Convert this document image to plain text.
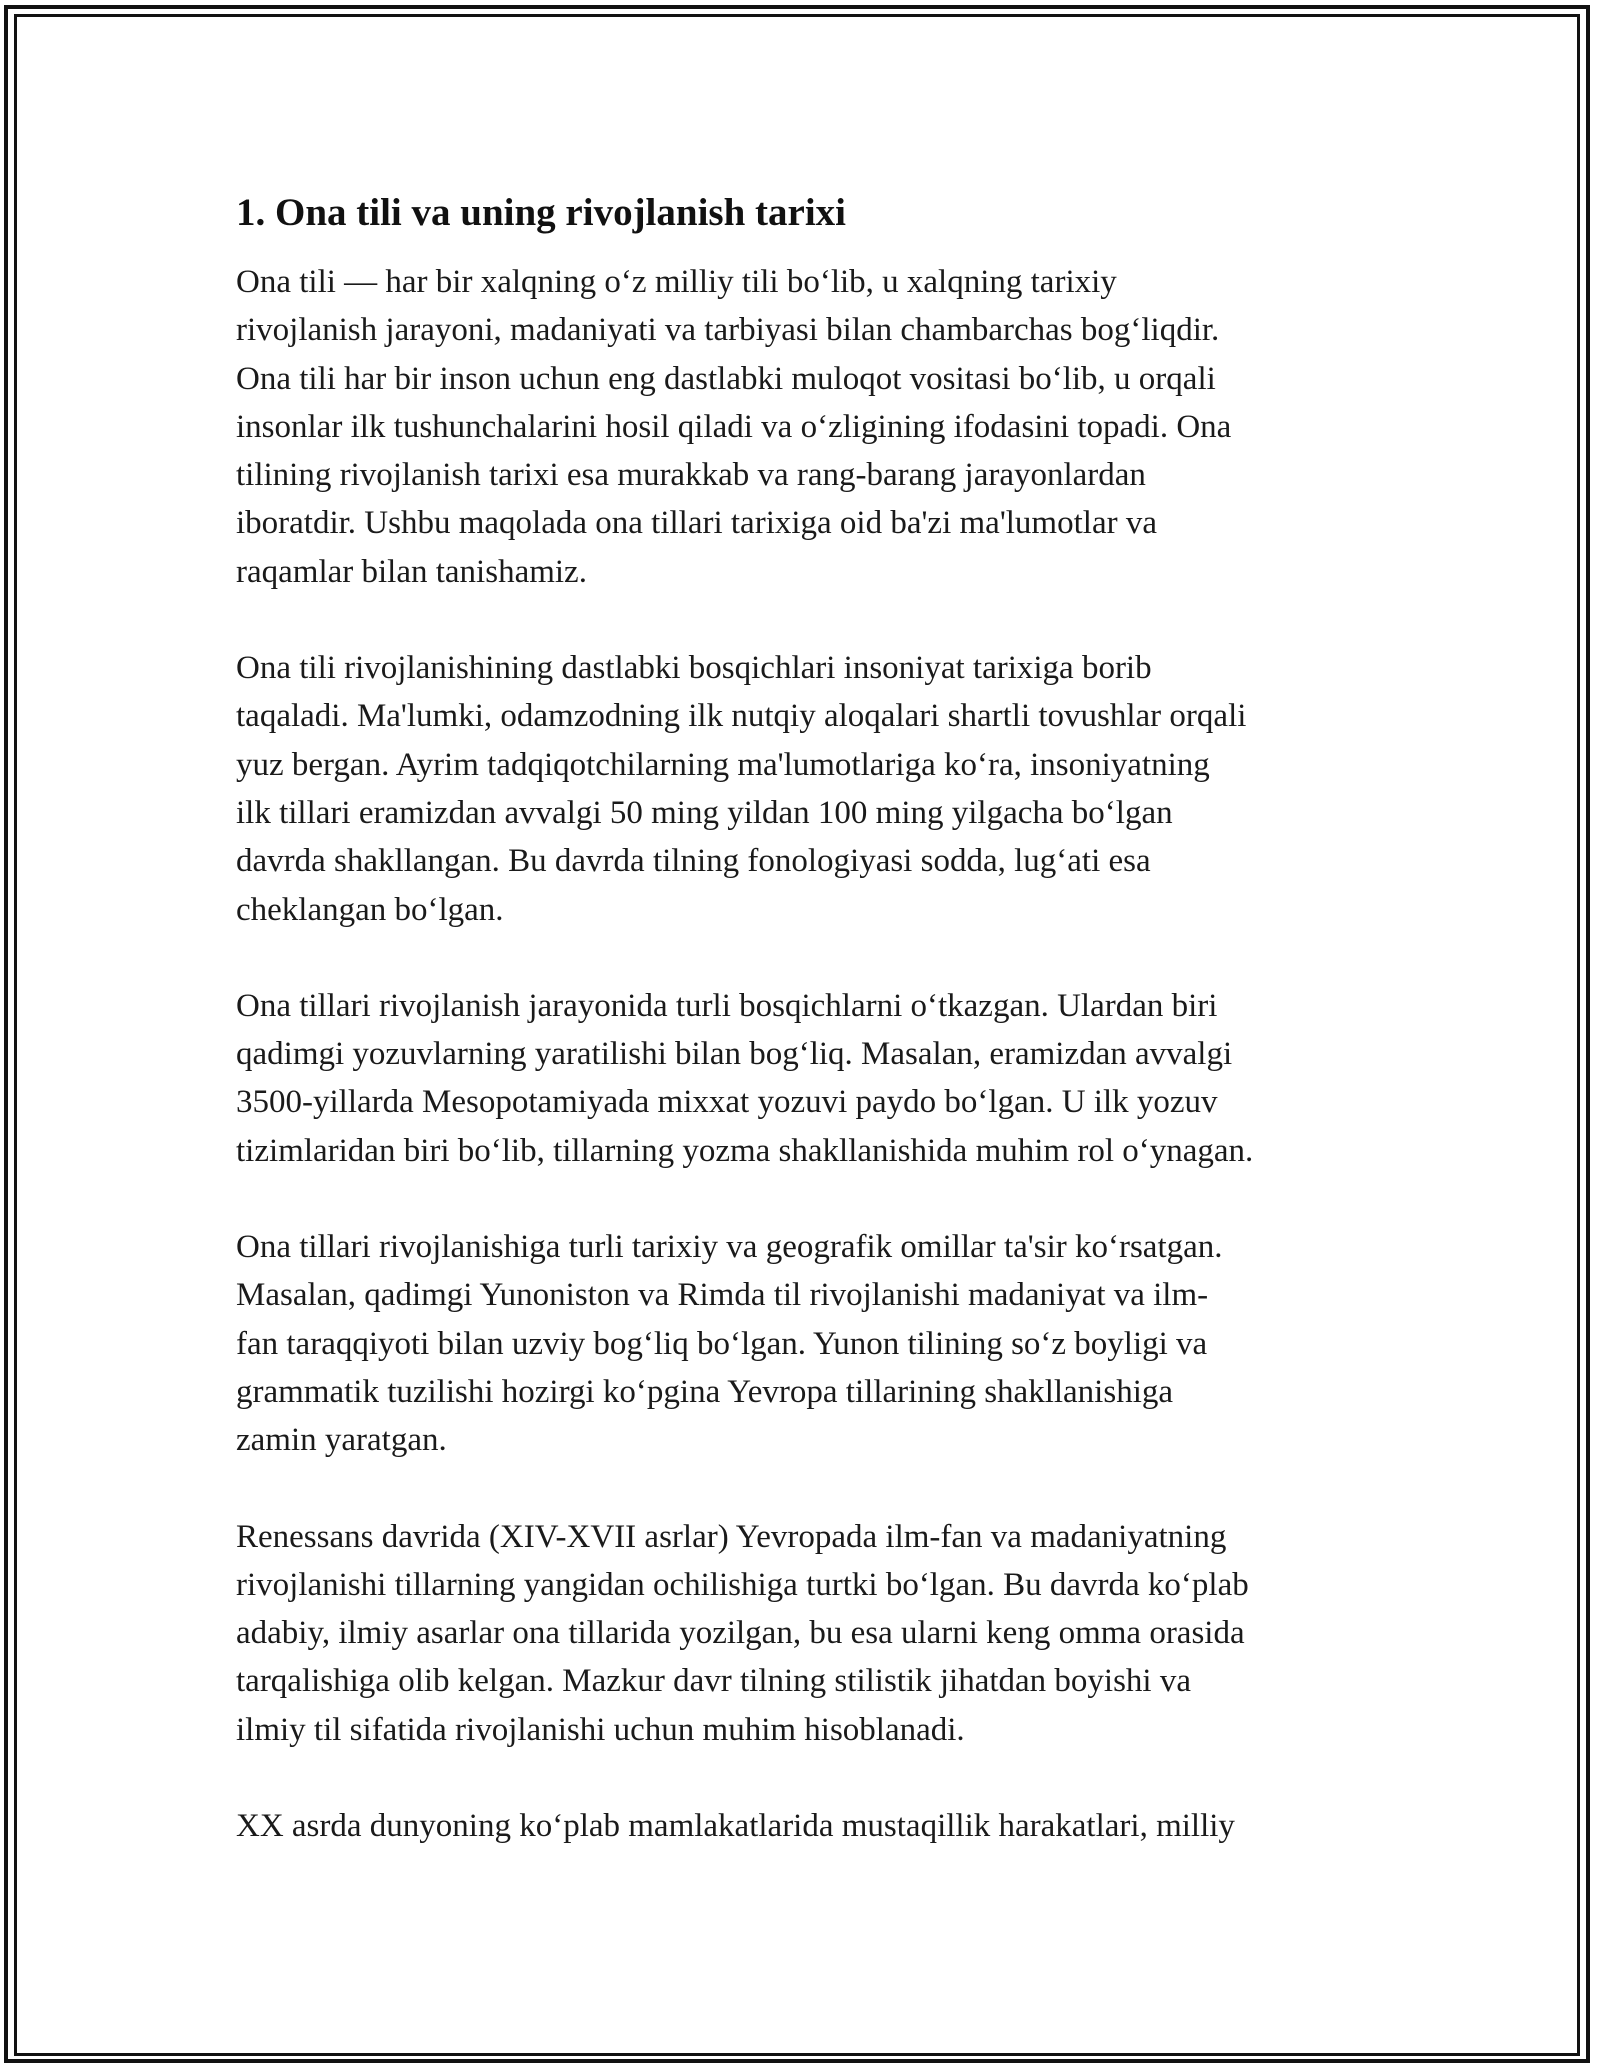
1. Ona tili va uning rivojlanish tarixi

Ona tili — har bir xalqning oʻz milliy tili boʻlib, u xalqning tarixiy
rivojlanish jarayoni, madaniyati va tarbiyasi bilan chambarchas bogʻliqdir.
Ona tili har bir inson uchun eng dastlabki muloqot vositasi boʻlib, u orqali
insonlar ilk tushunchalarini hosil qiladi va oʻzligining ifodasini topadi. Ona
tilining rivojlanish tarixi esa murakkab va rang-barang jarayonlardan
iboratdir. Ushbu maqolada ona tillari tarixiga oid ba'zi ma'lumotlar va
raqamlar bilan tanishamiz.

Ona tili rivojlanishining dastlabki bosqichlari insoniyat tarixiga borib
taqaladi. Ma'lumki, odamzodning ilk nutqiy aloqalari shartli tovushlar orqali
yuz bergan. Ayrim tadqiqotchilarning ma'lumotlariga koʻra, insoniyatning
ilk tillari eramizdan avvalgi 50 ming yildan 100 ming yilgacha boʻlgan
davrda shakllangan. Bu davrda tilning fonologiyasi sodda, lugʻati esa
cheklangan boʻlgan.

Ona tillari rivojlanish jarayonida turli bosqichlarni oʻtkazgan. Ulardan biri
qadimgi yozuvlarning yaratilishi bilan bogʻliq. Masalan, eramizdan avvalgi
3500-yillarda Mesopotamiyada mixxat yozuvi paydo boʻlgan. U ilk yozuv
tizimlaridan biri boʻlib, tillarning yozma shakllanishida muhim rol oʻynagan.

Ona tillari rivojlanishiga turli tarixiy va geografik omillar ta'sir koʻrsatgan.
Masalan, qadimgi Yunoniston va Rimda til rivojlanishi madaniyat va ilm-
fan taraqqiyoti bilan uzviy bogʻliq boʻlgan. Yunon tilining soʻz boyligi va
grammatik tuzilishi hozirgi koʻpgina Yevropa tillarining shakllanishiga
zamin yaratgan.

Renessans davrida (XIV-XVII asrlar) Yevropada ilm-fan va madaniyatning
rivojlanishi tillarning yangidan ochilishiga turtki boʻlgan. Bu davrda koʻplab
adabiy, ilmiy asarlar ona tillarida yozilgan, bu esa ularni keng omma orasida
tarqalishiga olib kelgan. Mazkur davr tilning stilistik jihatdan boyishi va
ilmiy til sifatida rivojlanishi uchun muhim hisoblanadi.

XX asrda dunyoning koʻplab mamlakatlarida mustaqillik harakatlari, milliy
